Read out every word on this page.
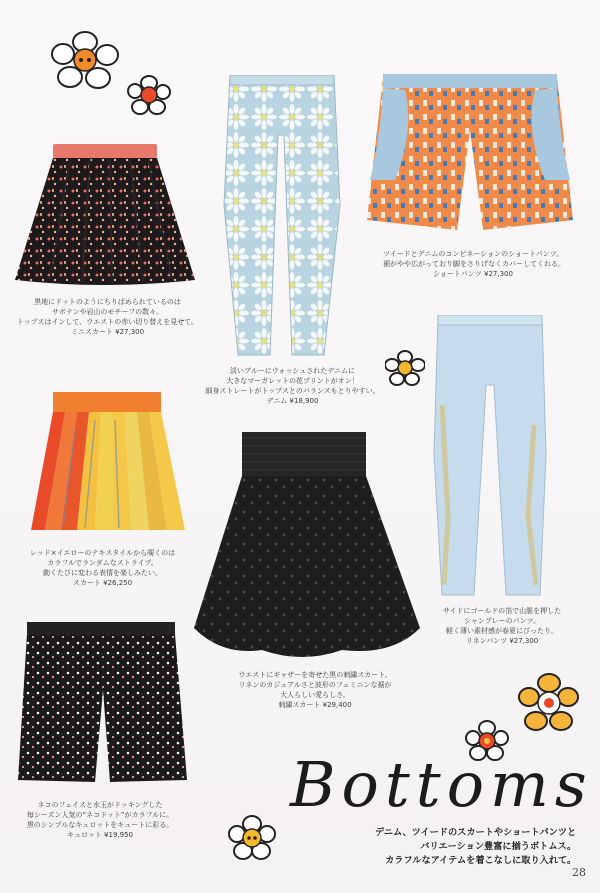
黒地にドットのようにちりばめられているのは
サボテンや岩山のモチーフの数々。
トップスはインして、ウエストの赤い切り替えを見せて。
ミニスカート ¥27,300
淡いブルーにウォッシュされたデニムに
大きなマーガレットの花プリントがオン！
細身ストレートがトップスとのバランスもとりやすい。
デニム ¥18,900
ツイードとデニムのコンビネーションのショートパンツ。
裾がやや広がっており脚をさりげなくカバーしてくれる。
ショートパンツ ¥27,300
レッド×イエローのテキスタイルから覗くのは
カラフルでランダムなストライプ。
動くたびに変わる表情を楽しみたい。
スカート ¥26,250
ウエストにギャザーを寄せた黒の刺繍スカート。
リネンのカジュアルさと波形のフェミニンな裾が
大人らしい愛らしさ。
刺繍スカート ¥29,400
サイドにゴールドの箔で山脈を押した
シャンブレーのパンツ。
軽く薄い素材感が春夏にぴったり。
リネンパンツ ¥27,300
ネコのフェイスと水玉がドッキングした
毎シーズン人気の“ネコドット”がカラフルに。
黒のシンプルなキュロットをキュートに彩る。
キュロット ¥19,950
Bottoms
デニム、ツイードのスカートやショートパンツと
バリエーション豊富に揃うボトムス。
カラフルなアイテムを着こなしに取り入れて。
28
